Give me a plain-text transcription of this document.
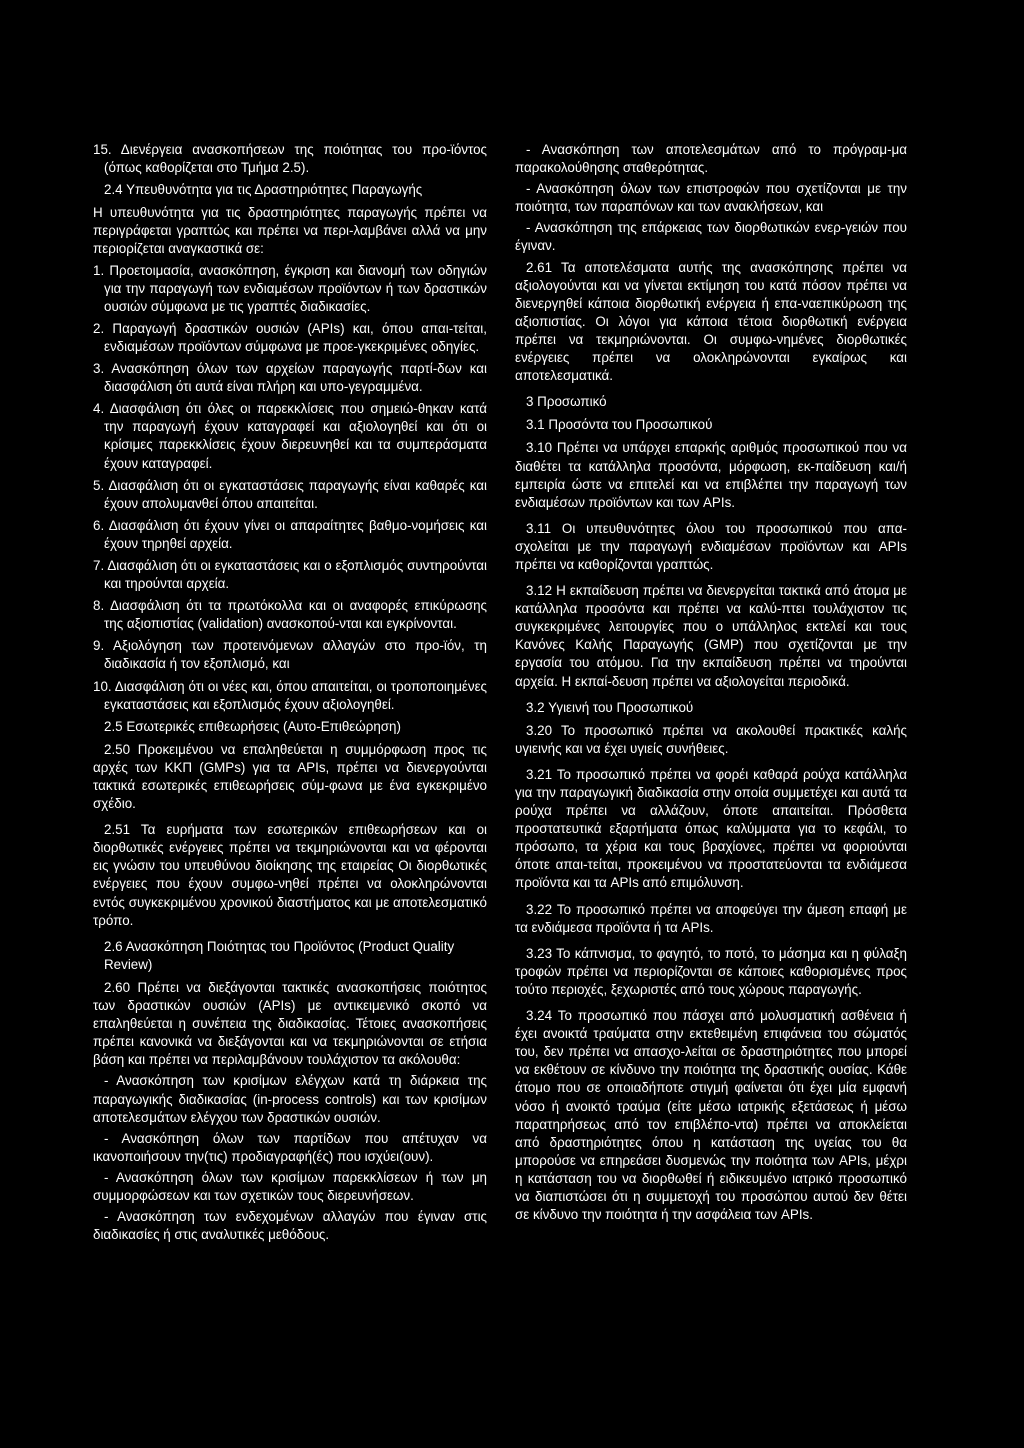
15. Διενέργεια ανασκοπήσεων της ποιότητας του προ-ϊόντος (όπως καθορίζεται στο Τμήμα 2.5).

2.4 Υπευθυνότητα για τις Δραστηριότητες Παραγωγής

Η υπευθυνότητα για τις δραστηριότητες παραγωγής πρέπει να περιγράφεται γραπτώς και πρέπει να περι-λαμβάνει αλλά να μην περιορίζεται αναγκαστικά σε:

1. Προετοιμασία, ανασκόπηση, έγκριση και διανομή των οδηγιών για την παραγωγή των ενδιαμέσων προϊόντων ή των δραστικών ουσιών σύμφωνα με τις γραπτές διαδικασίες.

2. Παραγωγή δραστικών ουσιών (APIs) και, όπου απαι-τείται, ενδιαμέσων προϊόντων σύμφωνα με προε-γκεκριμένες οδηγίες.

3. Ανασκόπηση όλων των αρχείων παραγωγής παρτί-δων και διασφάλιση ότι αυτά είναι πλήρη και υπο-γεγραμμένα.

4. Διασφάλιση ότι όλες οι παρεκκλίσεις που σημειώ-θηκαν κατά την παραγωγή έχουν καταγραφεί και αξιολογηθεί και ότι οι κρίσιμες παρεκκλίσεις έχουν διερευνηθεί και τα συμπεράσματα έχουν καταγραφεί.

5. Διασφάλιση ότι οι εγκαταστάσεις παραγωγής είναι καθαρές και έχουν απολυμανθεί όπου απαιτείται.

6. Διασφάλιση ότι έχουν γίνει οι απαραίτητες βαθμο-νομήσεις και έχουν τηρηθεί αρχεία.

7. Διασφάλιση ότι οι εγκαταστάσεις και ο εξοπλισμός συντηρούνται και τηρούνται αρχεία.

8. Διασφάλιση ότι τα πρωτόκολλα και οι αναφορές επικύρωσης της αξιοπιστίας (validation) ανασκοπού-νται και εγκρίνονται.

9. Αξιολόγηση των προτεινόμενων αλλαγών στο προ-ϊόν, τη διαδικασία ή τον εξοπλισμό, και

10. Διασφάλιση ότι οι νέες και, όπου απαιτείται, οι τροποποιημένες εγκαταστάσεις και εξοπλισμός έχουν αξιολογηθεί.

2.5 Εσωτερικές επιθεωρήσεις (Αυτο-Επιθεώρηση)

2.50 Προκειμένου να επαληθεύεται η συμμόρφωση προς τις αρχές των ΚΚΠ (GMPs) για τα APIs, πρέπει να διενεργούνται τακτικά εσωτερικές επιθεωρήσεις σύμ-φωνα με ένα εγκεκριμένο σχέδιο.

2.51 Τα ευρήματα των εσωτερικών επιθεωρήσεων και οι διορθωτικές ενέργειες πρέπει να τεκμηριώνονται και να φέρονται εις γνώσιν του υπευθύνου διοίκησης της εταιρείας Οι διορθωτικές ενέργειες που έχουν συμφω-νηθεί πρέπει να ολοκληρώνονται εντός συγκεκριμένου χρονικού διαστήματος και με αποτελεσματικό τρόπο.

2.6 Ανασκόπηση Ποιότητας του Προϊόντος (Product Quality Review)

2.60 Πρέπει να διεξάγονται τακτικές ανασκοπήσεις ποιότητος των δραστικών ουσιών (APIs) με αντικειμενικό σκοπό να επαληθεύεται η συνέπεια της διαδικασίας. Τέτοιες ανασκοπήσεις πρέπει κανονικά να διεξάγονται και να τεκμηριώνονται σε ετήσια βάση και πρέπει να περιλαμβάνουν τουλάχιστον τα ακόλουθα:

- Ανασκόπηση των κρισίμων ελέγχων κατά τη διάρκεια της παραγωγικής διαδικασίας (in-process controls) και των κρισίμων αποτελεσμάτων ελέγχου των δραστικών ουσιών.

- Ανασκόπηση όλων των παρτίδων που απέτυχαν να ικανοποιήσουν την(τις) προδιαγραφή(ές) που ισχύει(ουν).

- Ανασκόπηση όλων των κρισίμων παρεκκλίσεων ή των μη συμμορφώσεων και των σχετικών τους διερευνήσεων.

- Ανασκόπηση των ενδεχομένων αλλαγών που έγιναν στις διαδικασίες ή στις αναλυτικές μεθόδους.

- Ανασκόπηση των αποτελεσμάτων από το πρόγραμ-μα παρακολούθησης σταθερότητας.

- Ανασκόπηση όλων των επιστροφών που σχετίζονται με την ποιότητα, των παραπόνων και των ανακλήσεων, και

- Ανασκόπηση της επάρκειας των διορθωτικών ενερ-γειών που έγιναν.

2.61 Τα αποτελέσματα αυτής της ανασκόπησης πρέπει να αξιολογούνται και να γίνεται εκτίμηση του κατά πόσον πρέπει να διενεργηθεί κάποια διορθωτική ενέργεια ή επα-ναεπικύρωση της αξιοπιστίας. Οι λόγοι για κάποια τέτοια διορθωτική ενέργεια πρέπει να τεκμηριώνονται. Οι συμφω-νημένες διορθωτικές ενέργειες πρέπει να ολοκληρώνονται εγκαίρως και αποτελεσματικά.

3 Προσωπικό

3.1 Προσόντα του Προσωπικού

3.10 Πρέπει να υπάρχει επαρκής αριθμός προσωπικού που να διαθέτει τα κατάλληλα προσόντα, μόρφωση, εκ-παίδευση και/ή εμπειρία ώστε να επιτελεί και να επιβλέπει την παραγωγή των ενδιαμέσων προϊόντων και των APIs.

3.11 Οι υπευθυνότητες όλου του προσωπικού που απα-σχολείται με την παραγωγή ενδιαμέσων προϊόντων και APIs πρέπει να καθορίζονται γραπτώς.

3.12 Η εκπαίδευση πρέπει να διενεργείται τακτικά από άτομα με κατάλληλα προσόντα και πρέπει να καλύ-πτει τουλάχιστον τις συγκεκριμένες λειτουργίες που ο υπάλληλος εκτελεί και τους Κανόνες Καλής Παραγωγής (GMP) που σχετίζονται με την εργασία του ατόμου. Για την εκπαίδευση πρέπει να τηρούνται αρχεία. Η εκπαί-δευση πρέπει να αξιολογείται περιοδικά.

3.2 Υγιεινή του Προσωπικού

3.20 Το προσωπικό πρέπει να ακολουθεί πρακτικές καλής υγιεινής και να έχει υγιείς συνήθειες.

3.21 Το προσωπικό πρέπει να φορέι καθαρά ρούχα κατάλληλα για την παραγωγική διαδικασία στην οποία συμμετέχει και αυτά τα ρούχα πρέπει να αλλάζουν, όποτε απαιτείται. Πρόσθετα προστατευτικά εξαρτήματα όπως καλύμματα για το κεφάλι, το πρόσωπο, τα χέρια και τους βραχίονες, πρέπει να φοριούνται όποτε απαι-τείται, προκειμένου να προστατεύονται τα ενδιάμεσα προϊόντα και τα APIs από επιμόλυνση.

3.22 Το προσωπικό πρέπει να αποφεύγει την άμεση επαφή με τα ενδιάμεσα προϊόντα ή τα APIs.

3.23 Το κάπνισμα, το φαγητό, το ποτό, το μάσημα και η φύλαξη τροφών πρέπει να περιορίζονται σε κάποιες καθορισμένες προς τούτο περιοχές, ξεχωριστές από τους χώρους παραγωγής.

3.24 Το προσωπικό που πάσχει από μολυσματική ασθένεια ή έχει ανοικτά τραύματα στην εκτεθειμένη επιφάνεια του σώματός του, δεν πρέπει να απασχο-λείται σε δραστηριότητες που μπορεί να εκθέτουν σε κίνδυνο την ποιότητα της δραστικής ουσίας. Κάθε άτομο που σε οποιαδήποτε στιγμή φαίνεται ότι έχει μία εμφανή νόσο ή ανοικτό τραύμα (είτε μέσω ιατρικής εξετάσεως ή μέσω παρατηρήσεως από τον επιβλέπο-ντα) πρέπει να αποκλείεται από δραστηριότητες όπου η κατάσταση της υγείας του θα μπορούσε να επηρεάσει δυσμενώς την ποιότητα των APIs, μέχρι η κατάσταση του να διορθωθεί ή ειδικευμένο ιατρικό προσωπικό να διαπιστώσει ότι η συμμετοχή του προσώπου αυτού δεν θέτει σε κίνδυνο την ποιότητα ή την ασφάλεια των APIs.
